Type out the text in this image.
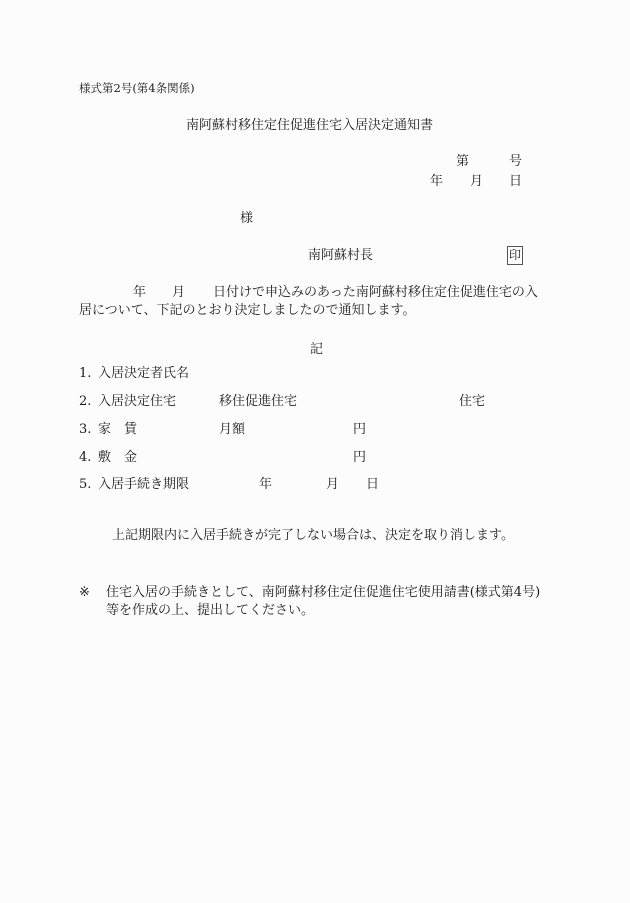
様式第2号(第4条関係)
南阿蘇村移住定住促進住宅入居決定通知書
第	号
年 月 日
様
南阿蘇村長	印
年 月 日付けで申込みのあった南阿蘇村移住定住促進住宅の入
居について、下記のとおり決定しましたので通知します。
記
1. 入居決定者氏名
2. 入居決定住宅	移住促進住宅	住宅
3. 家　賃	月額	円
4. 敷　金	円
5. 入居手続き期限	年	月 日
上記期限内に入居手続きが完了しない場合は、決定を取り消します。
※ 住宅入居の手続きとして、南阿蘇村移住定住促進住宅使用請書(様式第4号)
等を作成の上、提出してください。
